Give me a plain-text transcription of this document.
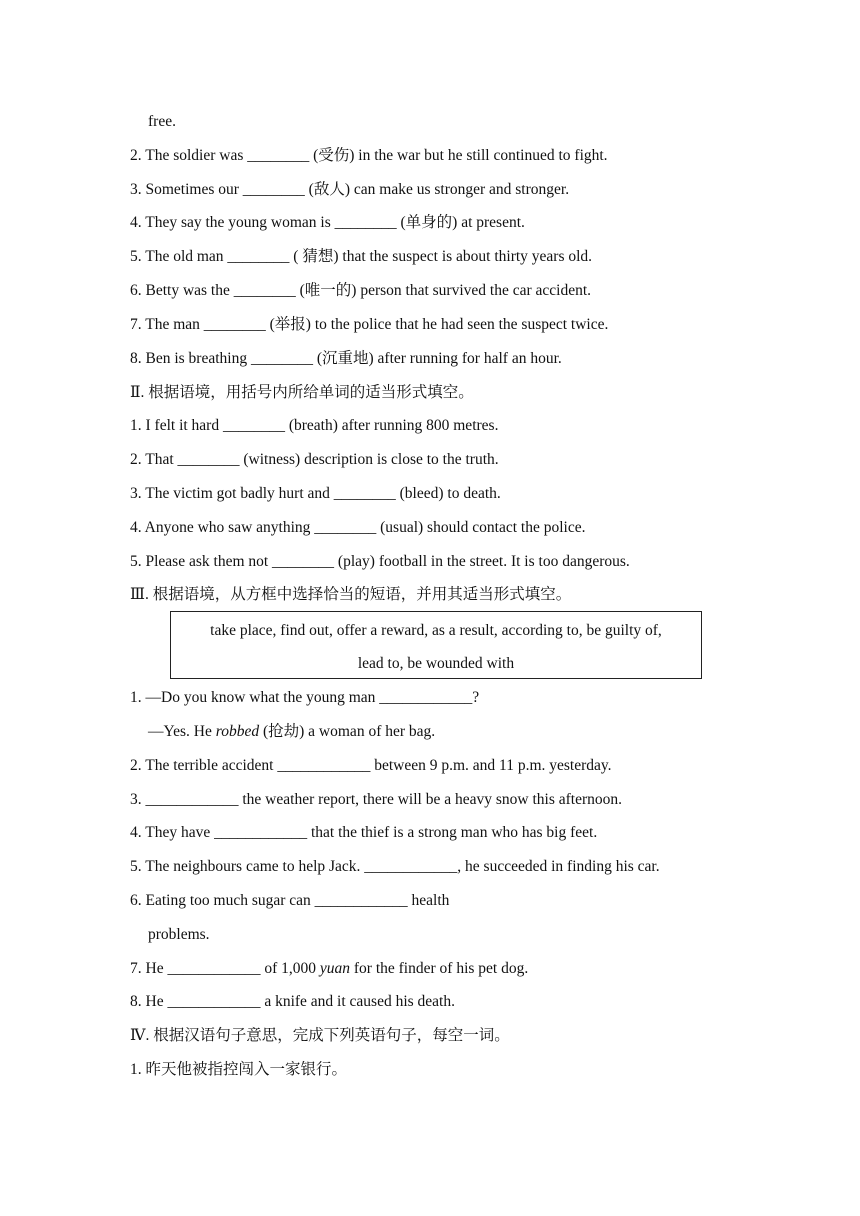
free.
2. The soldier was ________ (受伤) in the war but he still continued to fight.
3. Sometimes our ________ (敌人) can make us stronger and stronger.
4. They say the young woman is ________ (单身的) at present.
5. The old man ________ ( 猜想) that the suspect is about thirty years old.
6. Betty was the ________ (唯一的) person that survived the car accident.
7. The man ________ (举报) to the police that he had seen the suspect twice.
8. Ben is breathing ________ (沉重地) after running for half an hour.
Ⅱ. 根据语境，用括号内所给单词的适当形式填空。
1. I felt it hard ________ (breath) after running 800 metres.
2. That ________ (witness) description is close to the truth.
3. The victim got badly hurt and ________ (bleed) to death.
4. Anyone who saw anything ________ (usual) should contact the police.
5. Please ask them not ________ (play) football in the street. It is too dangerous.
Ⅲ. 根据语境，从方框中选择恰当的短语，并用其适当形式填空。
take place, find out, offer a reward, as a result, according to, be guilty of,
lead to, be wounded with
1. —Do you know what the young man ____________?
—Yes. He robbed (抢劫) a woman of her bag.
2. The terrible accident ____________ between 9 p.m. and 11 p.m. yesterday.
3. ____________ the weather report, there will be a heavy snow this afternoon.
4. They have ____________ that the thief is a strong man who has big feet.
5. The neighbours came to help Jack. ____________, he succeeded in finding his car.
6. Eating too much sugar can ____________ health
problems.
7. He ____________ of 1,000 yuan for the finder of his pet dog.
8. He ____________ a knife and it caused his death.
Ⅳ. 根据汉语句子意思，完成下列英语句子，每空一词。
1. 昨天他被指控闯入一家银行。
